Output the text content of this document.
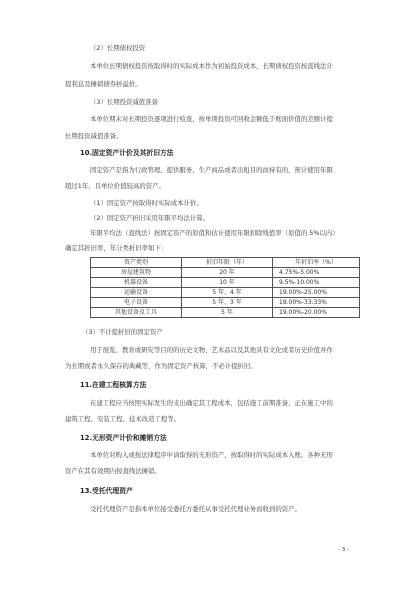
（2）长期债权投资
本单位长期债权投资按取得时的实际成本作为初始投资成本，长期债权投资按直线法计
提利息及摊销债券折溢价。
（3）长期投资减值准备
本单位期末对长期投资逐项进行检查，按单项投资可回收金额低于账面价值的差额计提
长期投资减值准备。
10.固定资产计价及其折旧方法
固定资产是指为行政管理、提供服务、生产商品或者出租目的而持有的，预计使用年限
超过1年，且单位价值较高的资产。
（1）固定资产按取得时实际成本计价。
（2）固定资产折旧采用年限平均法计算。
年限平均法（直线法）按固定资产的原值和估计使用年限扣除残值率（原值的 5%以内）
确定其折旧率，年分类折旧率如下：
资产类别	折旧年限（年）	年折旧率（%）
房屋建筑物	20 年	4.75%-5.00%
机器设备	10 年	9.5%-10.00%
运输设备	5 年、4 年	19.00%-25.00%
电子设备	5 年、3 年	19.00%-33.33%
其他设备及工具	5 年	19.00%-20.00%
（3）不计提折旧的固定资产
用于展览、教育或研究等目的的历史文物、艺术品以及其他具有文化或者历史价值并作
为长期或者永久保存的典藏等，作为固定资产核算，不必计提折旧。
11.在建工程核算方法
在建工程应当按照实际发生的支出确定其工程成本，包括施工前期准备、正在施工中的
建筑工程、安装工程、技术改造工程等。
12.无形资产计价和摊销方法
本单位对购入或按法律程序申请取得的无形资产，按取得时的实际成本入账。各种无形
资产在其有效期内按直线法摊销。
13.受托代理资产
受托代理资产是指本单位接受委托方委托从事受托代理业务而收到的资产。
- 3 -
